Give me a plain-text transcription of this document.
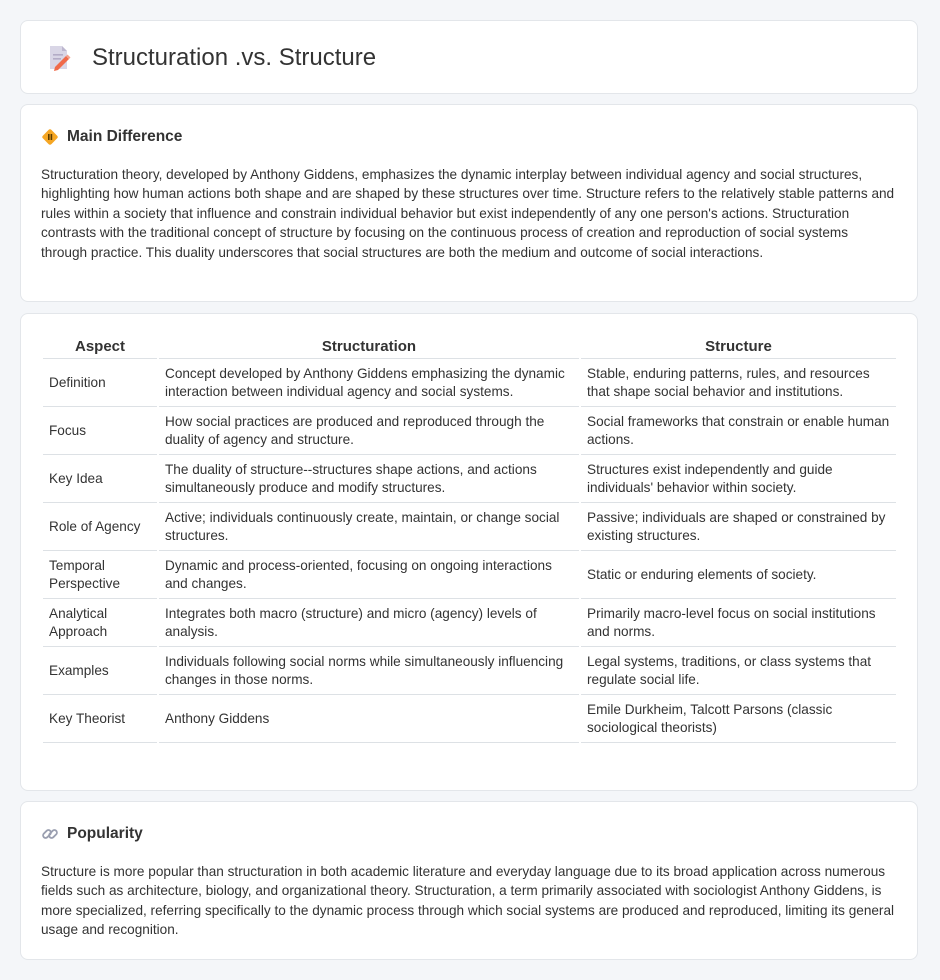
Structuration .vs. Structure
Main Difference

Structuration theory, developed by Anthony Giddens, emphasizes the dynamic interplay between individual agency and social structures, highlighting how human actions both shape and are shaped by these structures over time. Structure refers to the relatively stable patterns and rules within a society that influence and constrain individual behavior but exist independently of any one person's actions. Structuration contrasts with the traditional concept of structure by focusing on the continuous process of creation and reproduction of social systems through practice. This duality underscores that social structures are both the medium and outcome of social interactions.

Aspect	Structuration	Structure
Definition	Concept developed by Anthony Giddens emphasizing the dynamic interaction between individual agency and social systems.	Stable, enduring patterns, rules, and resources that shape social behavior and institutions.
Focus	How social practices are produced and reproduced through the duality of agency and structure.	Social frameworks that constrain or enable human actions.
Key Idea	The duality of structure--structures shape actions, and actions simultaneously produce and modify structures.	Structures exist independently and guide individuals' behavior within society.
Role of Agency	Active; individuals continuously create, maintain, or change social structures.	Passive; individuals are shaped or constrained by existing structures.
Temporal Perspective	Dynamic and process-oriented, focusing on ongoing interactions and changes.	Static or enduring elements of society.
Analytical Approach	Integrates both macro (structure) and micro (agency) levels of analysis.	Primarily macro-level focus on social institutions and norms.
Examples	Individuals following social norms while simultaneously influencing changes in those norms.	Legal systems, traditions, or class systems that regulate social life.
Key Theorist	Anthony Giddens	Emile Durkheim, Talcott Parsons (classic sociological theorists)
Popularity

Structure is more popular than structuration in both academic literature and everyday language due to its broad application across numerous fields such as architecture, biology, and organizational theory. Structuration, a term primarily associated with sociologist Anthony Giddens, is more specialized, referring specifically to the dynamic process through which social systems are produced and reproduced, limiting its general usage and recognition.
